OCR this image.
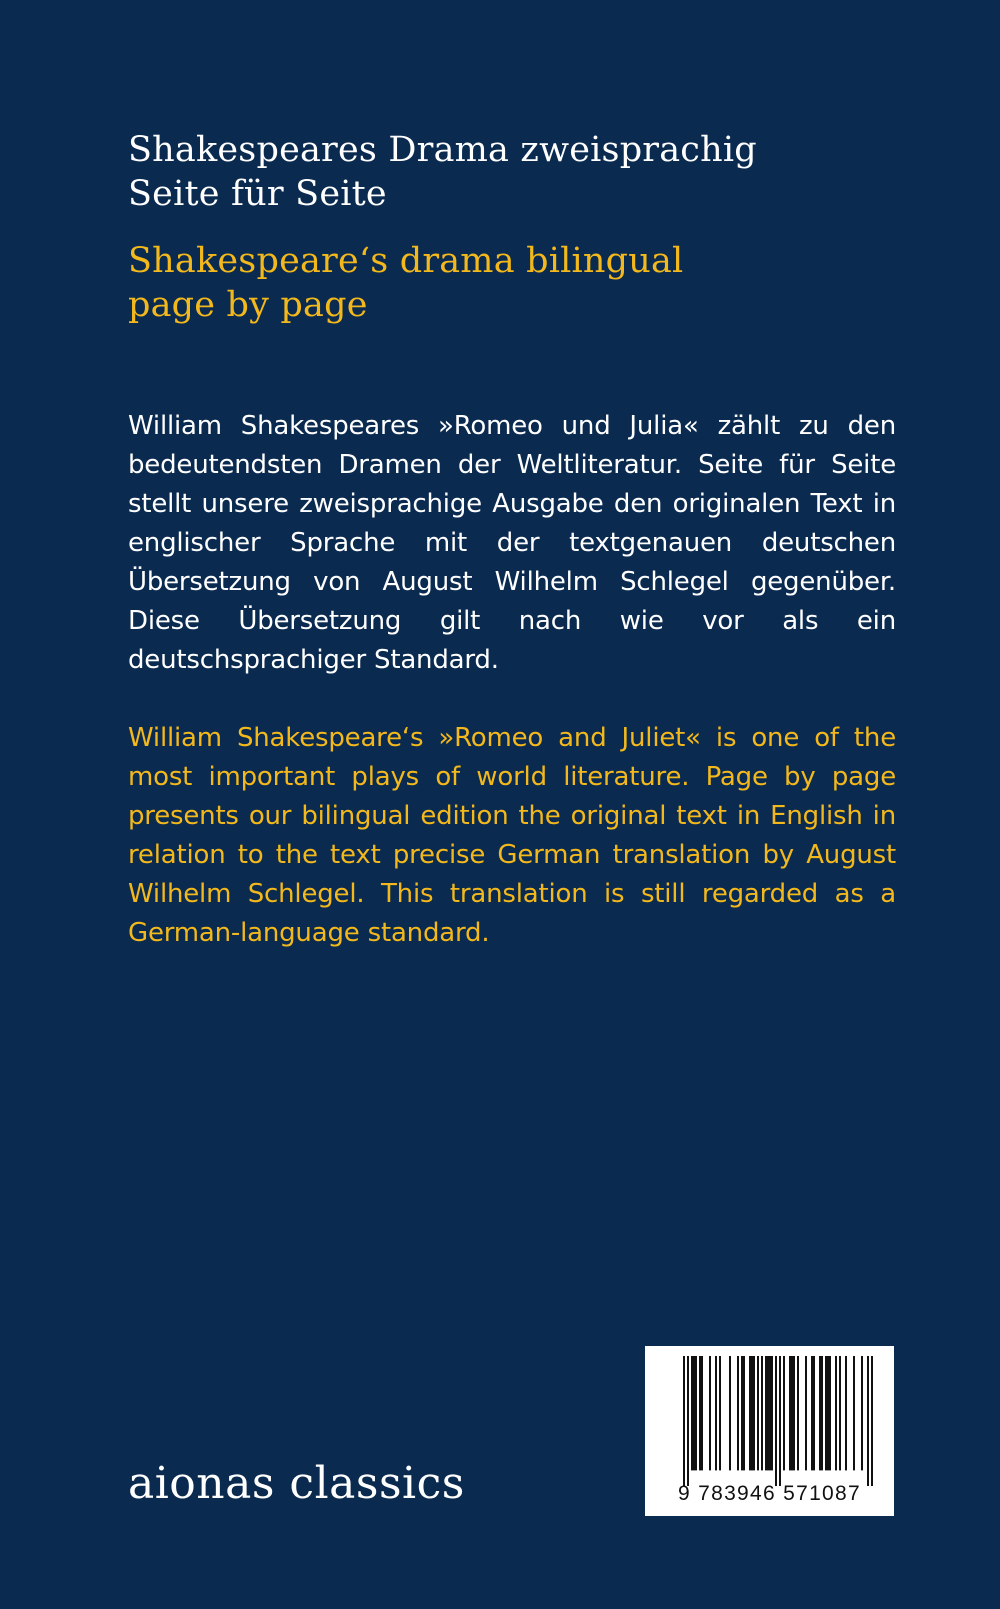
Shakespeares Drama zweisprachig
Seite für Seite
Shakespeare‘s drama bilingual
page by page

William Shakespeares »Romeo und Julia« zählt zu den bedeutendsten Dramen der Weltliteratur. Seite für Seite stellt unsere zweisprachige Ausgabe den originalen Text in englischer Sprache mit der textgenauen deutschen Übersetzung von August Wilhelm Schlegel gegenüber. Diese Übersetzung gilt nach wie vor als ein deutschsprachiger Standard.

William Shakespeare‘s »Romeo and Juliet« is one of the most important plays of world literature. Page by page presents our bilingual edition the original text in English in relation to the text precise German translation by August Wilhelm Schlegel. This translation is still regarded as a German-language standard.

aionas classics	9 783946 571087
